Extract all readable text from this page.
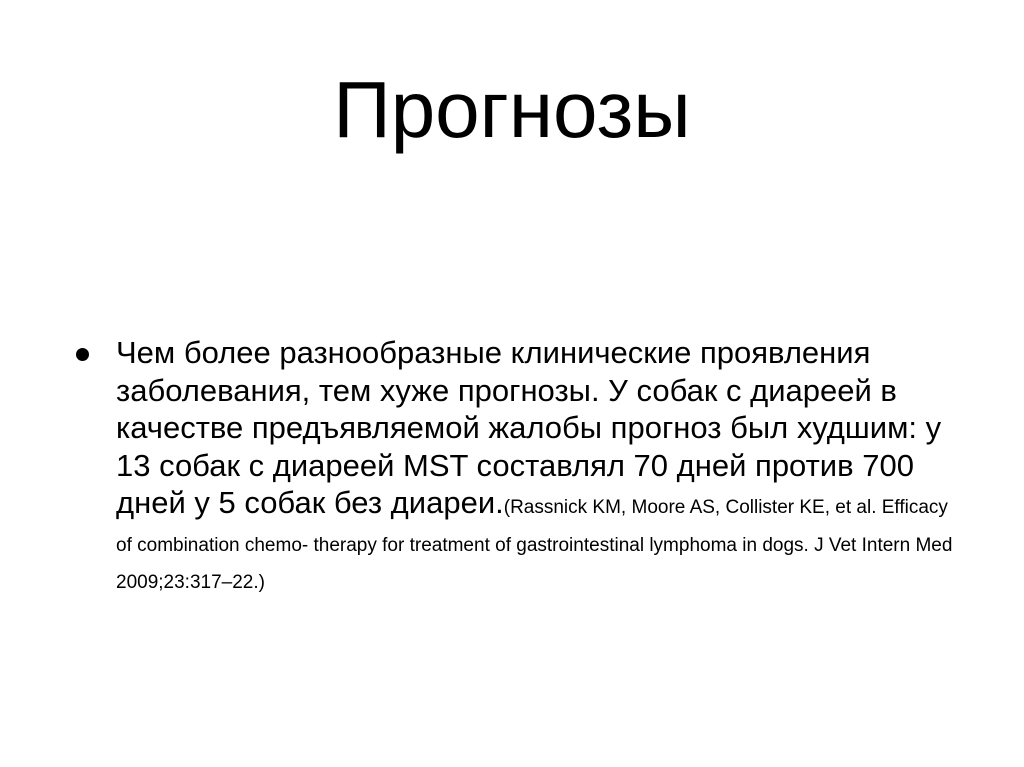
Прогнозы
Чем более разнообразные клинические проявления заболевания, тем хуже прогнозы. У собак с диареей в качестве предъявляемой жалобы прогноз был худшим: у 13 собак с диареей MST составлял 70 дней против 700 дней у 5 собак без диареи.(Rassnick KM, Moore AS, Collister KE, et al. Efficacy of combination chemo- therapy for treatment of gastrointestinal lymphoma in dogs. J Vet Intern Med 2009;23:317–22.)
